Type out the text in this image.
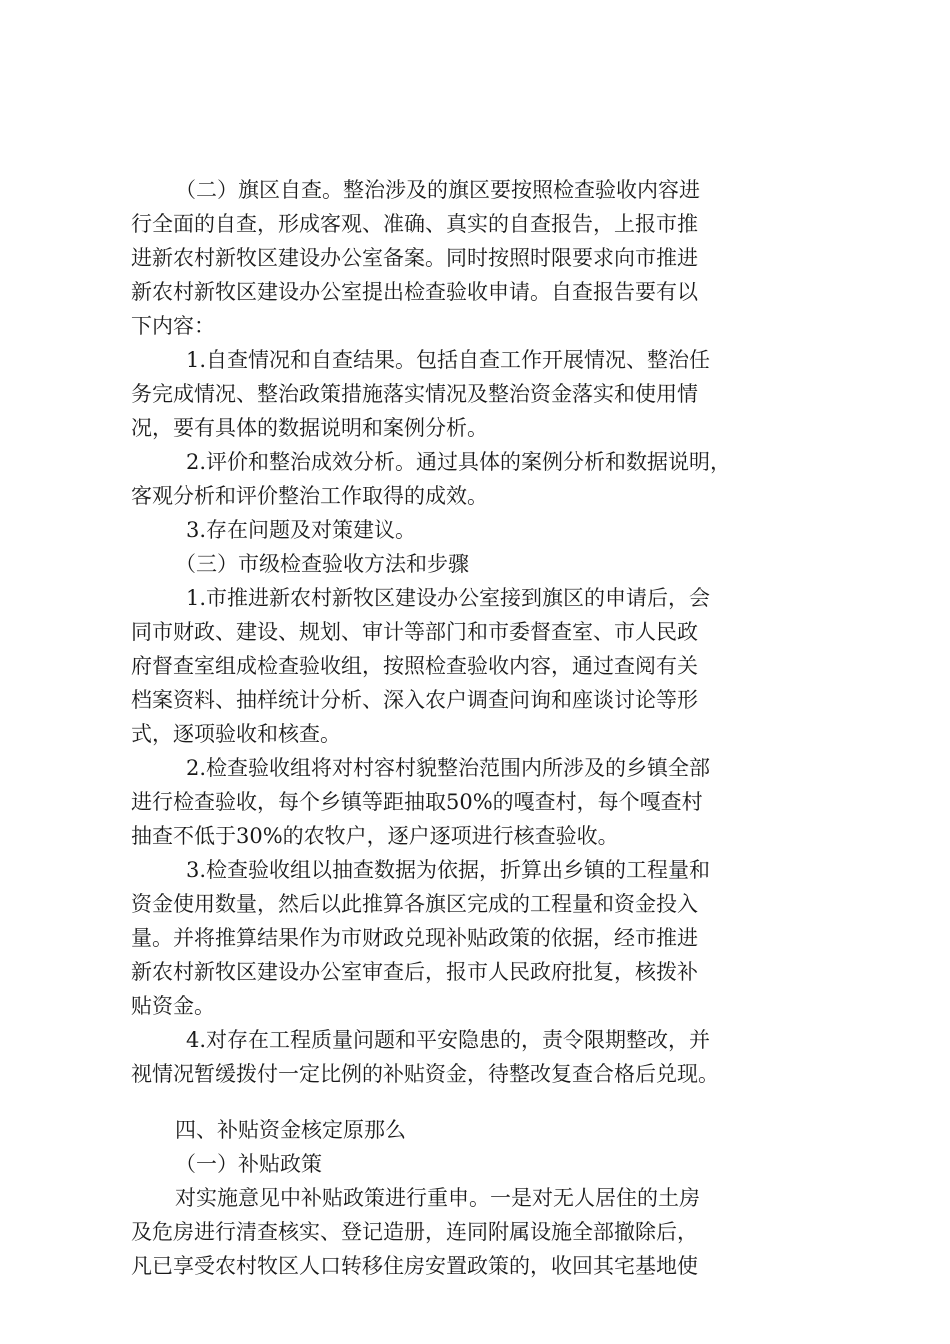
（二）旗区自查。整治涉及的旗区要按照检查验收内容进

行全面的自查，形成客观、准确、真实的自查报告，上报市推

进新农村新牧区建设办公室备案。同时按照时限要求向市推进

新农村新牧区建设办公室提出检查验收申请。自查报告要有以

下内容：

1.自查情况和自查结果。包括自查工作开展情况、整治任

务完成情况、整治政策措施落实情况及整治资金落实和使用情

况，要有具体的数据说明和案例分析。

2.评价和整治成效分析。通过具体的案例分析和数据说明，

客观分析和评价整治工作取得的成效。

3.存在问题及对策建议。

（三）市级检查验收方法和步骤

1.市推进新农村新牧区建设办公室接到旗区的申请后，会

同市财政、建设、规划、审计等部门和市委督查室、市人民政

府督查室组成检查验收组，按照检查验收内容，通过查阅有关

档案资料、抽样统计分析、深入农户调查问询和座谈讨论等形

式，逐项验收和核查。

2.检查验收组将对村容村貌整治范围内所涉及的乡镇全部

进行检查验收，每个乡镇等距抽取50%的嘎查村，每个嘎查村

抽查不低于30%的农牧户，逐户逐项进行核查验收。

3.检查验收组以抽查数据为依据，折算出乡镇的工程量和

资金使用数量，然后以此推算各旗区完成的工程量和资金投入

量。并将推算结果作为市财政兑现补贴政策的依据，经市推进

新农村新牧区建设办公室审查后，报市人民政府批复，核拨补

贴资金。

4.对存在工程质量问题和平安隐患的，责令限期整改，并

视情况暂缓拨付一定比例的补贴资金，待整改复查合格后兑现。

四、补贴资金核定原那么

（一）补贴政策

对实施意见中补贴政策进行重申。一是对无人居住的土房

及危房进行清查核实、登记造册，连同附属设施全部撤除后，

凡已享受农村牧区人口转移住房安置政策的，收回其宅基地使
